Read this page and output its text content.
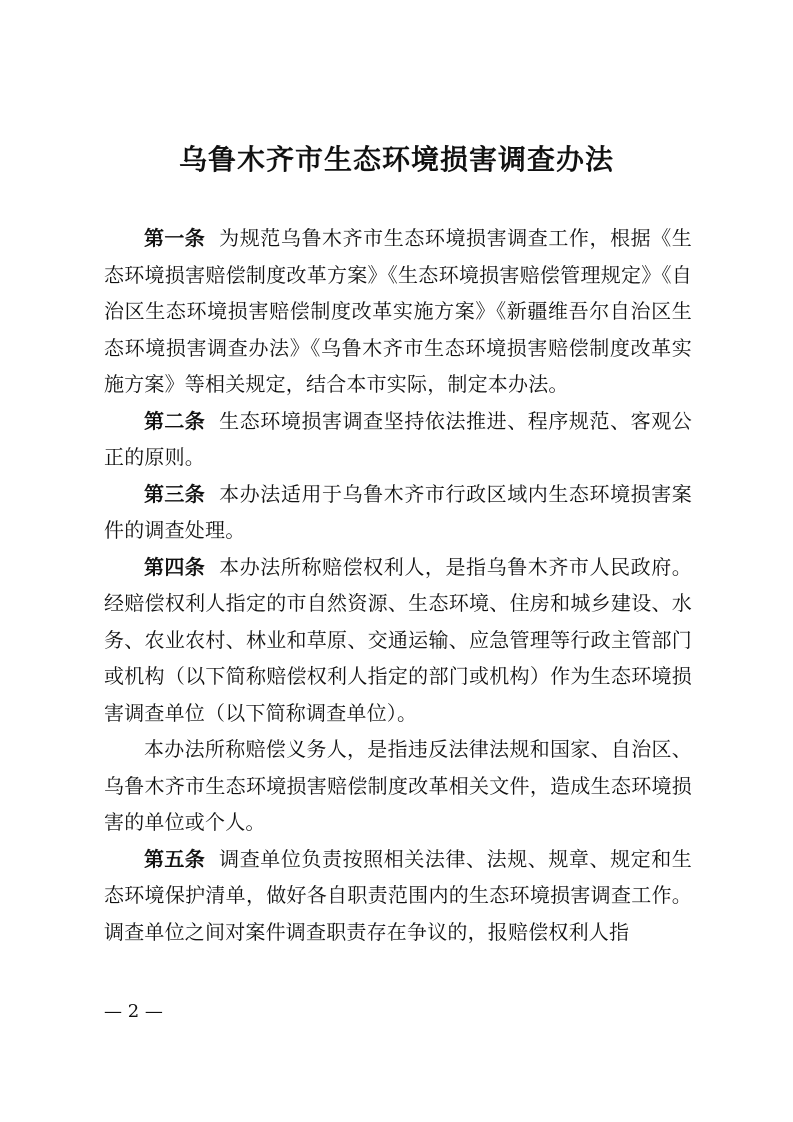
乌鲁木齐市生态环境损害调查办法

第一条 为规范乌鲁木齐市生态环境损害调查工作，根据《生态环境损害赔偿制度改革方案》《生态环境损害赔偿管理规定》《自治区生态环境损害赔偿制度改革实施方案》《新疆维吾尔自治区生态环境损害调查办法》《乌鲁木齐市生态环境损害赔偿制度改革实施方案》等相关规定，结合本市实际，制定本办法。

第二条 生态环境损害调查坚持依法推进、程序规范、客观公正的原则。

第三条 本办法适用于乌鲁木齐市行政区域内生态环境损害案件的调查处理。

第四条 本办法所称赔偿权利人，是指乌鲁木齐市人民政府。经赔偿权利人指定的市自然资源、生态环境、住房和城乡建设、水务、农业农村、林业和草原、交通运输、应急管理等行政主管部门或机构（以下简称赔偿权利人指定的部门或机构）作为生态环境损害调查单位（以下简称调查单位）。

本办法所称赔偿义务人，是指违反法律法规和国家、自治区、乌鲁木齐市生态环境损害赔偿制度改革相关文件，造成生态环境损害的单位或个人。

第五条 调查单位负责按照相关法律、法规、规章、规定和生态环境保护清单，做好各自职责范围内的生态环境损害调查工作。调查单位之间对案件调查职责存在争议的，报赔偿权利人指

— 2 —
